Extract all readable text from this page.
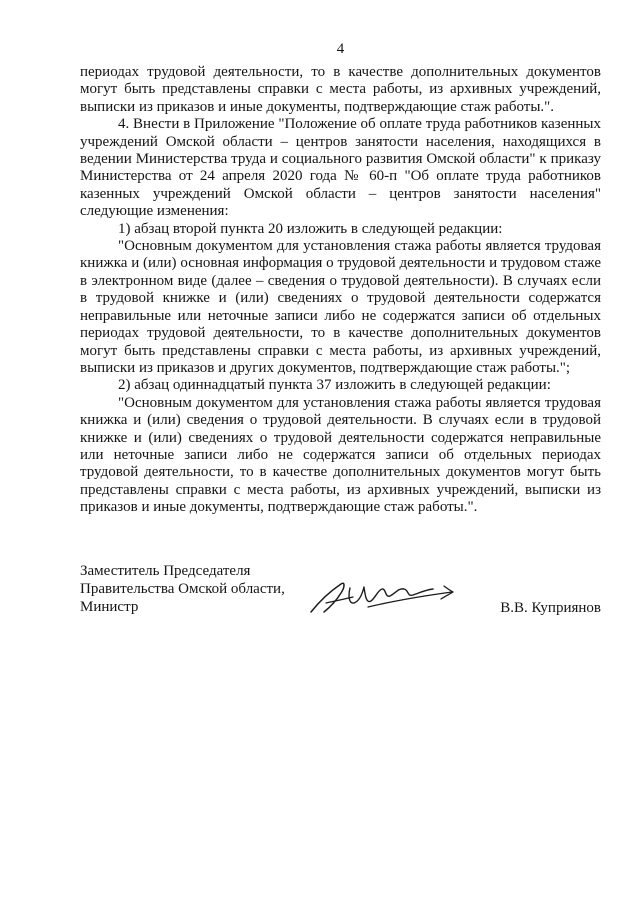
4

периодах трудовой деятельности, то в качестве дополнительных документов могут быть представлены справки с места работы, из архивных учреждений, выписки из приказов и иные документы, подтверждающие стаж работы.".

4. Внести в Приложение "Положение об оплате труда работников казенных учреждений Омской области – центров занятости населения, находящихся в ведении Министерства труда и социального развития Омской области" к приказу Министерства от 24 апреля 2020 года № 60-п "Об оплате труда работников казенных учреждений Омской области – центров занятости населения" следующие изменения:

1) абзац второй пункта 20 изложить в следующей редакции:

"Основным документом для установления стажа работы является трудовая книжка и (или) основная информация о трудовой деятельности и трудовом стаже в электронном виде (далее – сведения о трудовой деятельности). В случаях если в трудовой книжке и (или) сведениях о трудовой деятельности содержатся неправильные или неточные записи либо не содержатся записи об отдельных периодах трудовой деятельности, то в качестве дополнительных документов могут быть представлены справки с места работы, из архивных учреждений, выписки из приказов и других документов, подтверждающие стаж работы.";

2) абзац одиннадцатый пункта 37 изложить в следующей редакции:

"Основным документом для установления стажа работы является трудовая книжка и (или) сведения о трудовой деятельности. В случаях если в трудовой книжке и (или) сведениях о трудовой деятельности содержатся неправильные или неточные записи либо не содержатся записи об отдельных периодах трудовой деятельности, то в качестве дополнительных документов могут быть представлены справки с места работы, из архивных учреждений, выписки из приказов и иные документы, подтверждающие стаж работы.".

Заместитель Председателя
Правительства Омской области,
Министр	В.В. Куприянов
